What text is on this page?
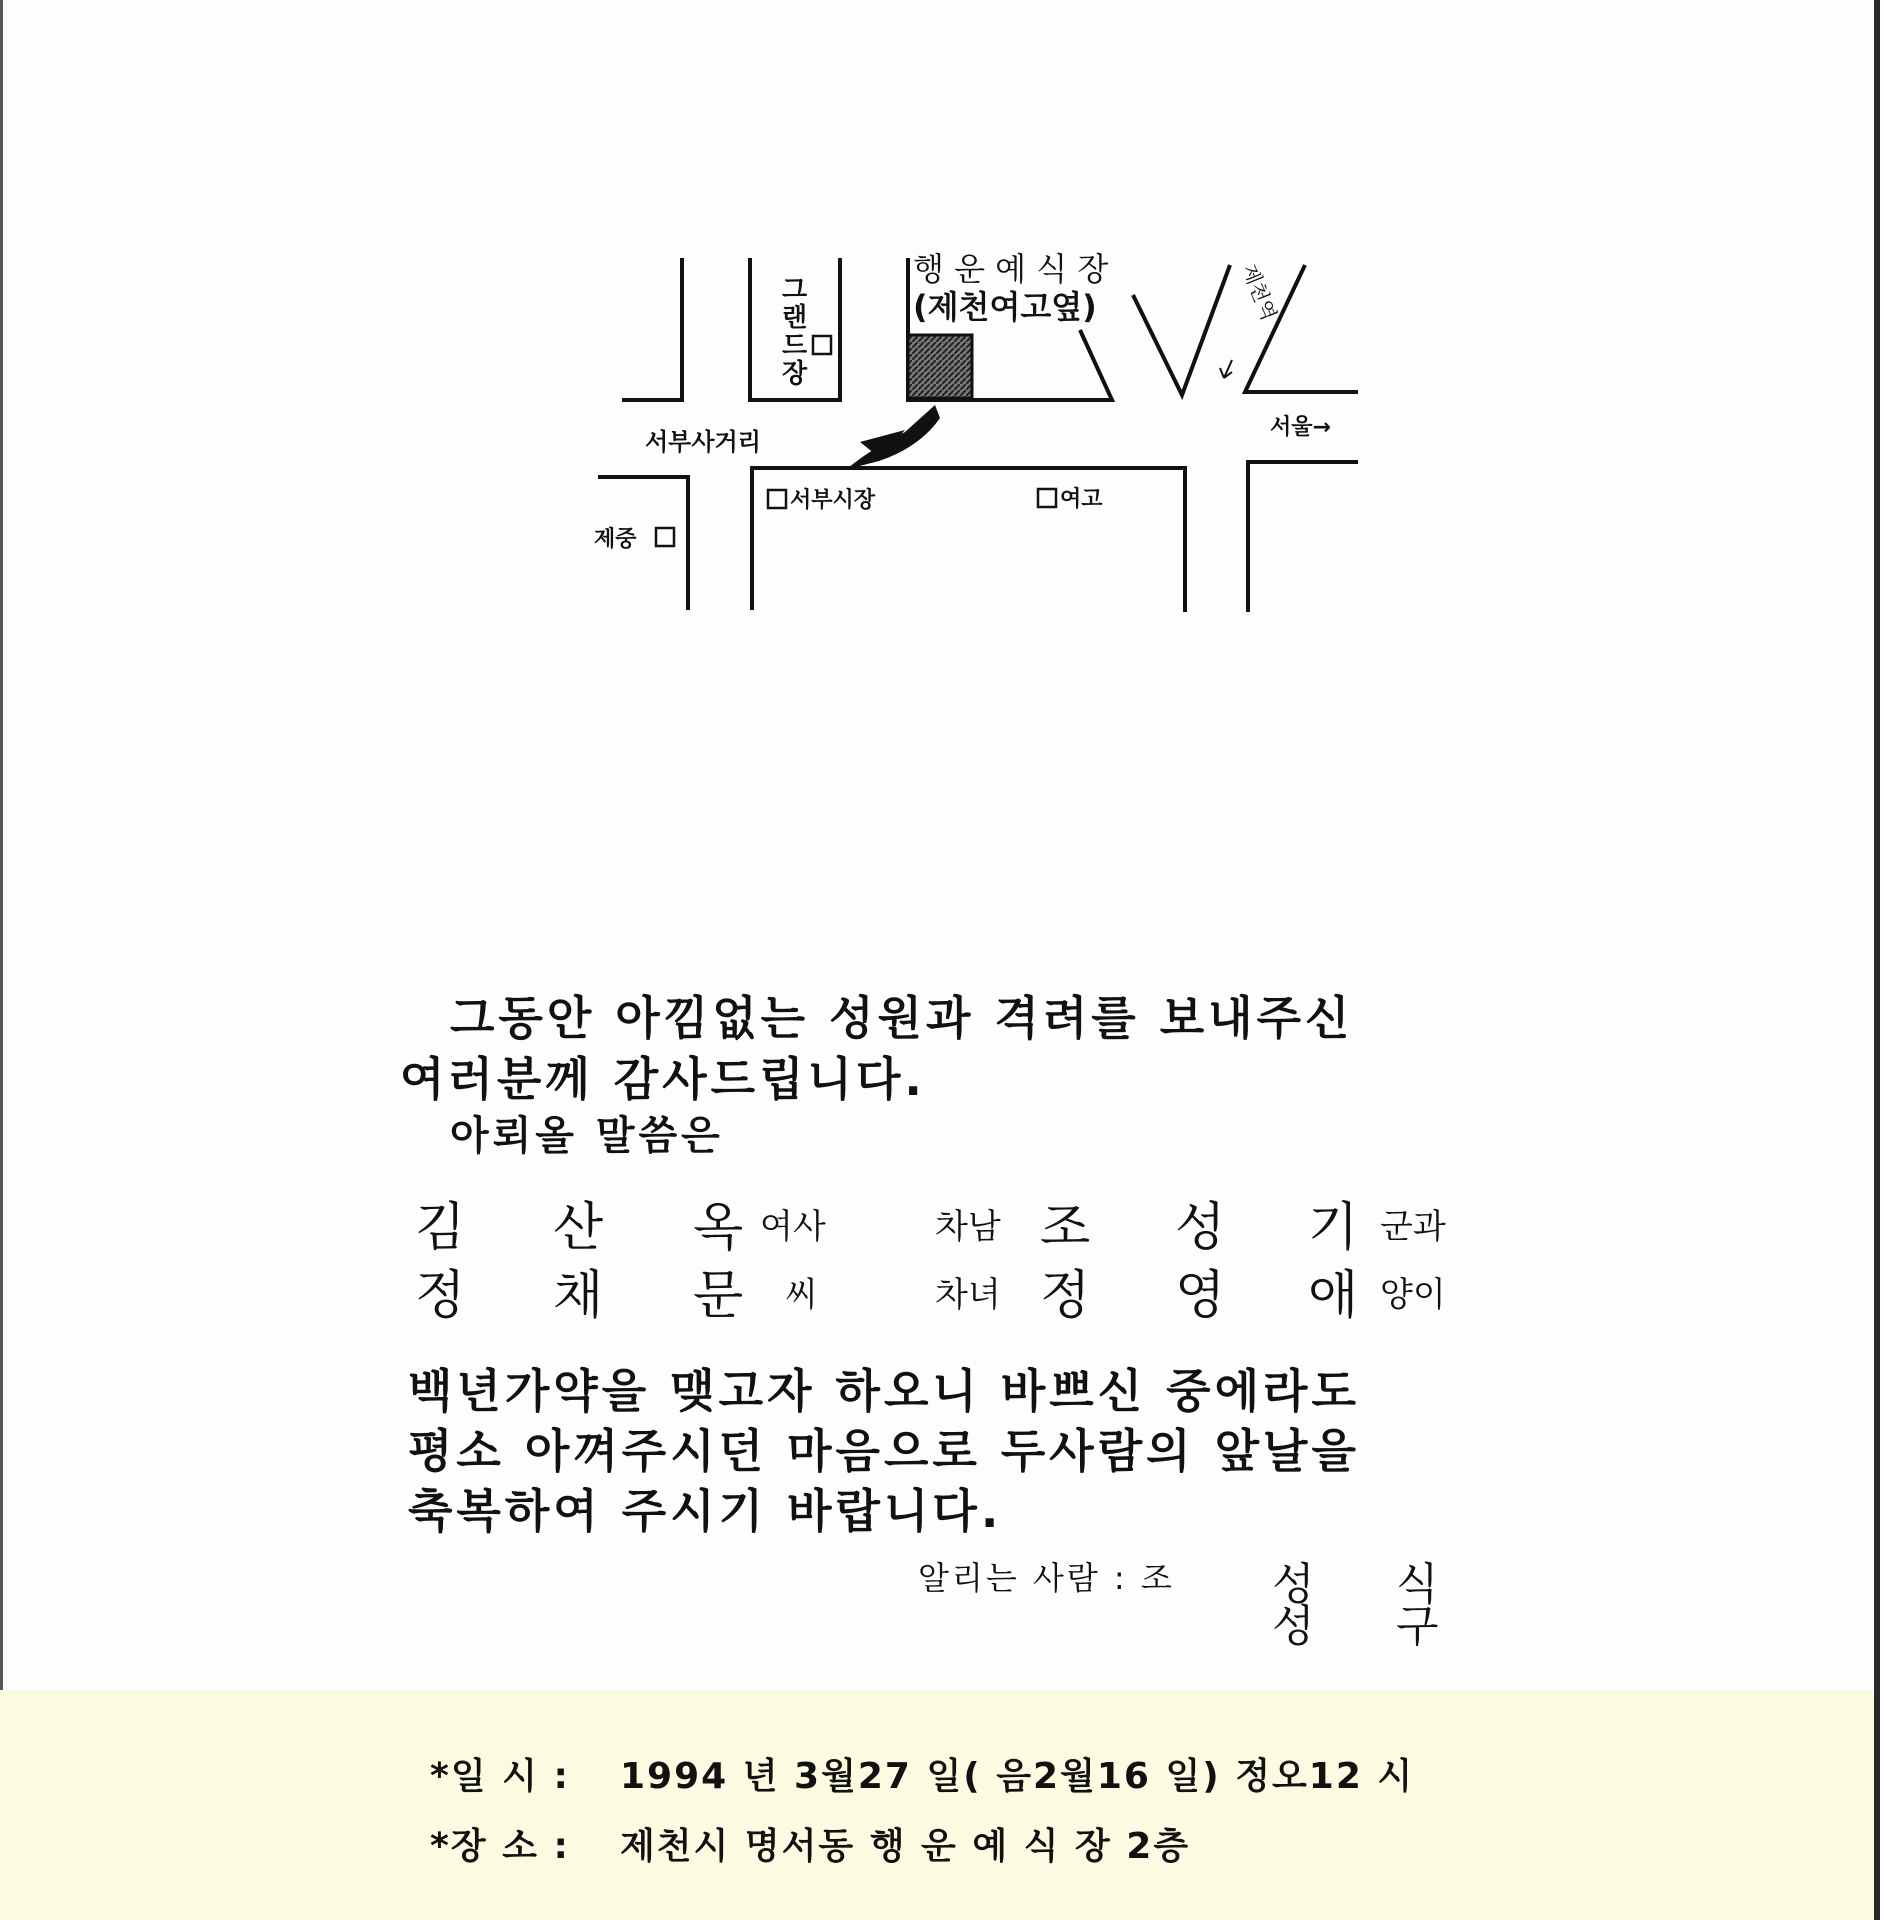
행 운 예 식 장
(제천여고옆)
그
랜
드
장
제천역
서부사거리
서울→
서부시장	여고
제중
그동안 아낌없는 성원과 격려를 보내주신
여러분께 감사드립니다.
아뢰올 말씀은
김 산 옥 여사	차남 조 성 기 군과
정 채 문 씨	차녀 정 영 애 양이
백년가약을 맺고자 하오니 바쁘신 중에라도
평소 아껴주시던 마음으로 두사람의 앞날을
축복하여 주시기 바랍니다.
알리는 사람 : 조 성 식
성 구
*일 시 : 1994 년 3월27 일( 음2월16 일) 정오12 시
*장 소 : 제천시 명서동 행 운 예 식 장 2층
